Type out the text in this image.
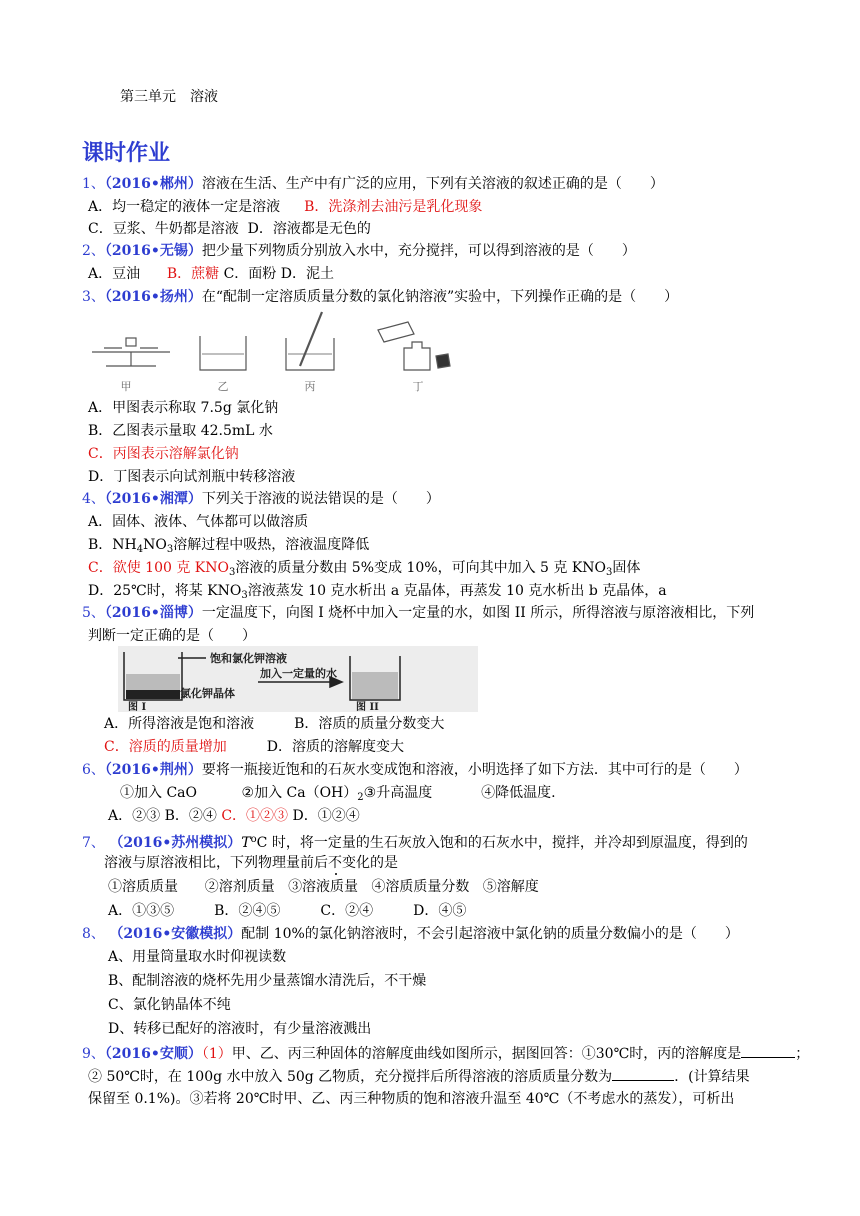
第三单元 溶液
课时作业
1、（2016•郴州）溶液在生活、生产中有广泛的应用，下列有关溶液的叙述正确的是（　　）
A．均一稳定的液体一定是溶液 B．洗涤剂去油污是乳化现象
C．豆浆、牛奶都是溶液 D．溶液都是无色的
2、（2016•无锡）把少量下列物质分别放入水中，充分搅拌，可以得到溶液的是（　　）
A．豆油 B．蔗糖 C．面粉 D．泥土
3、（2016•扬州）在“配制一定溶质质量分数的氯化钠溶液”实验中，下列操作正确的是（　　）
甲	乙	丙	丁
A．甲图表示称取 7.5g 氯化钠
B．乙图表示量取 42.5mL 水
C．丙图表示溶解氯化钠
D．丁图表示向试剂瓶中转移溶液
4、（2016•湘潭）下列关于溶液的说法错误的是（　　）
A．固体、液体、气体都可以做溶质
B．$NH_4NO_3$溶解过程中吸热，溶液温度降低
C．欲使 100 克 $KNO_3$溶液的质量分数由 5%变成 10%，可向其中加入 5 克 $KNO_3$固体
D．25℃时，将某 $KNO_3$溶液蒸发 10 克水析出 a 克晶体，再蒸发 10 克水析出 b 克晶体，a
5、（2016•淄博）一定温度下，向图 I 烧杯中加入一定量的水，如图 II 所示，所得溶液与原溶液相比，下列
判断一定正确的是（　　）
饱和氯化钾溶液
氯化钾晶体
加入一定量的水
图 I	图 II
A．所得溶液是饱和溶液	B．溶质的质量分数变大
C．溶质的质量增加	D．溶质的溶解度变大
6、（2016•荆州）要将一瓶接近饱和的石灰水变成饱和溶液，小明选择了如下方法．其中可行的是（　　）
①加入 CaO	②加入 $Ca(OH)_2③$升高温度	④降低温度.
A．②③ B．②④ C．①②③ D．①②④
7、 （2016•苏州模拟）$T^oC$ 时，将一定量的生石灰放入饱和的石灰水中，搅拌，并冷却到原温度，得到的
溶液与原溶液相比，下列物理量前后不变化的是
①溶质质量 ②溶剂质量 ③溶液质量 ④溶质质量分数 ⑤溶解度
A．①③⑤	B．②④⑤	C．②④	D．④⑤
8、 （2016•安徽模拟）配制 10%的氯化钠溶液时，不会引起溶液中氯化钠的质量分数偏小的是（　　）
A、用量筒量取水时仰视读数
B、配制溶液的烧杯先用少量蒸馏水清洗后，不干燥
C、氯化钠晶体不纯
D、转移已配好的溶液时，有少量溶液溅出
9、（2016•安顺）（1）甲、乙、丙三种固体的溶解度曲线如图所示，据图回答：①30℃时，丙的溶解度是	；
② 50℃时，在 100g 水中放入 50g 乙物质，充分搅拌后所得溶液的溶质质量分数为	．(计算结果
保留至 0.1%)。③若将 20℃时甲、乙、丙三种物质的饱和溶液升温至 40℃（不考虑水的蒸发），可析出
